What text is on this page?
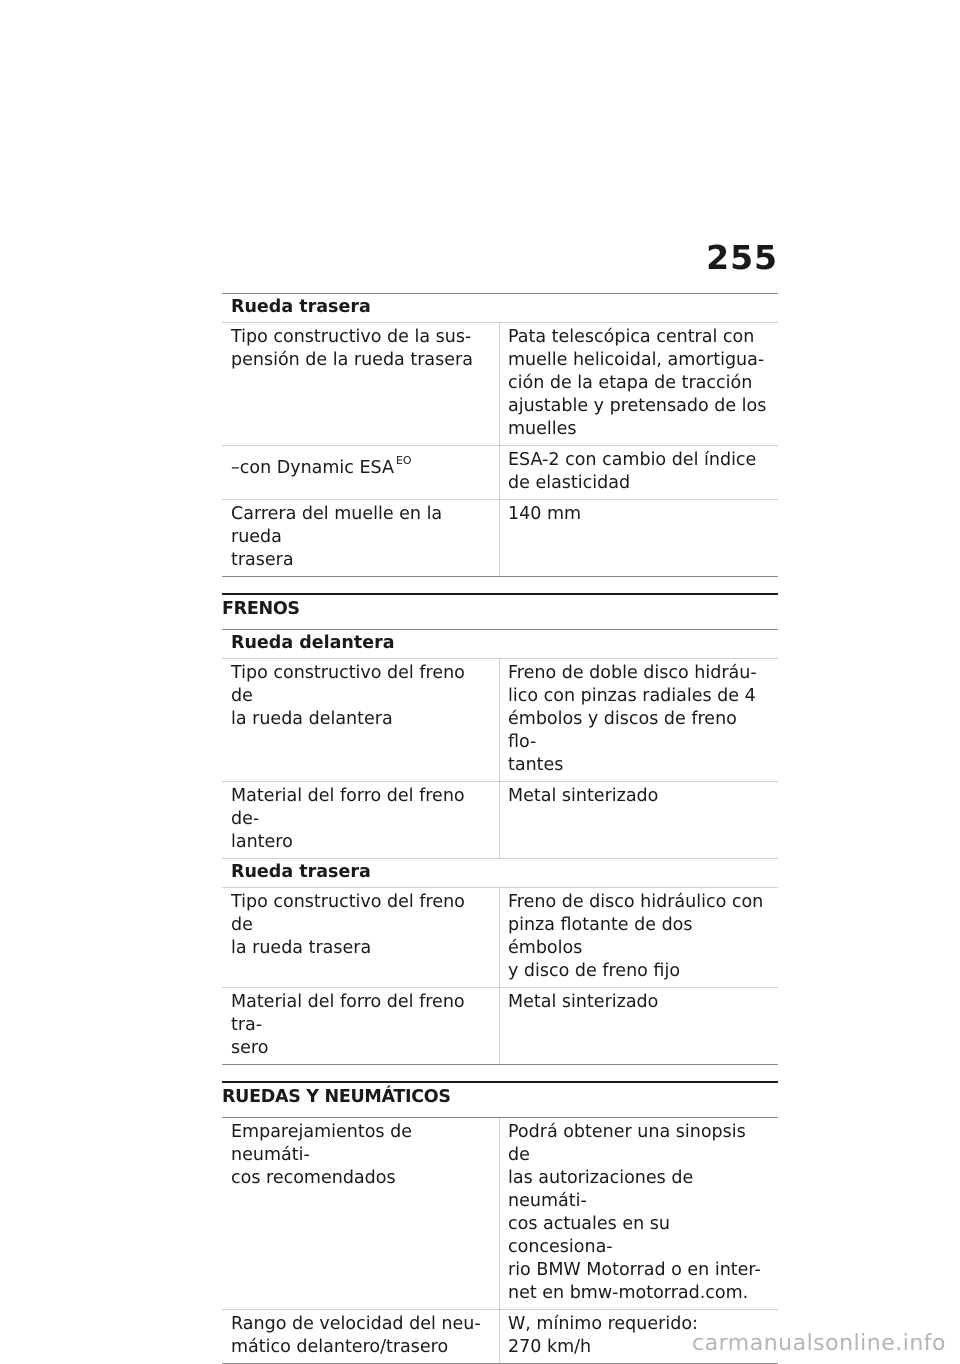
255
Rueda trasera
Tipo constructivo de la sus-
pensión de la rueda trasera
Pata telescópica central con
muelle helicoidal, amortigua-
ción de la etapa de tracción
ajustable y pretensado de los
muelles
–con Dynamic ESA $^{EO}$	ESA-2 con cambio del índice
de elasticidad
Carrera del muelle en la rueda
trasera
140 mm
FRENOS
Rueda delantera
Tipo constructivo del freno de
la rueda delantera
Freno de doble disco hidráu-
lico con pinzas radiales de 4
émbolos y discos de freno flo-
tantes
Material del forro del freno de-
lantero
Metal sinterizado
Rueda trasera
Tipo constructivo del freno de
la rueda trasera
Freno de disco hidráulico con
pinza flotante de dos émbolos
y disco de freno fijo
Material del forro del freno tra-
sero
Metal sinterizado
RUEDAS Y NEUMÁTICOS
Emparejamientos de neumáti-
cos recomendados
Podrá obtener una sinopsis de
las autorizaciones de neumáti-
cos actuales en su concesiona-
rio BMW Motorrad o en inter-
net en bmw-motorrad.com.
Rango de velocidad del neu-
mático delantero/trasero
W, mínimo requerido:
270 km/h	carmanualsonline.info
